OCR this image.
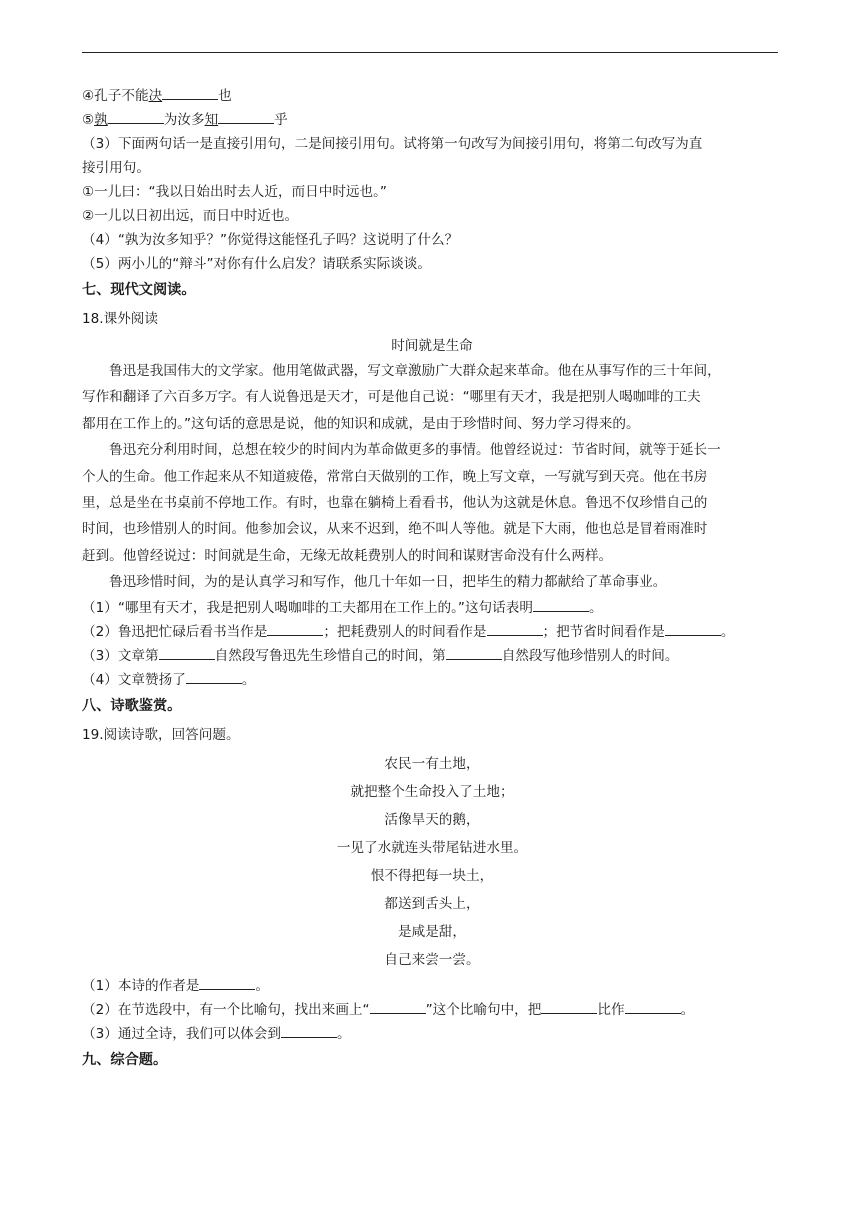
④孔子不能决	也
⑤孰	为汝多知	乎
（3）下面两句话一是直接引用句，二是间接引用句。试将第一句改写为间接引用句，将第二句改写为直
接引用句。
①一儿曰：“我以日始出时去人近，而日中时远也。”
②一儿以日初出远，而日中时近也。
（4）“孰为汝多知乎？”你觉得这能怪孔子吗？这说明了什么？
（5）两小儿的“辩斗”对你有什么启发？请联系实际谈谈。
七、现代文阅读。
18.课外阅读
时间就是生命
鲁迅是我国伟大的文学家。他用笔做武器，写文章激励广大群众起来革命。他在从事写作的三十年间，
写作和翻译了六百多万字。有人说鲁迅是天才，可是他自己说：“哪里有天才，我是把别人喝咖啡的工夫
都用在工作上的。”这句话的意思是说，他的知识和成就，是由于珍惜时间、努力学习得来的。
鲁迅充分利用时间，总想在较少的时间内为革命做更多的事情。他曾经说过：节省时间，就等于延长一
个人的生命。他工作起来从不知道疲倦，常常白天做别的工作，晚上写文章，一写就写到天亮。他在书房
里，总是坐在书桌前不停地工作。有时，也靠在躺椅上看看书，他认为这就是休息。鲁迅不仅珍惜自己的
时间，也珍惜别人的时间。他参加会议，从来不迟到，绝不叫人等他。就是下大雨，他也总是冒着雨准时
赶到。他曾经说过：时间就是生命，无缘无故耗费别人的时间和谋财害命没有什么两样。
鲁迅珍惜时间，为的是认真学习和写作，他几十年如一日，把毕生的精力都献给了革命事业。
（1）“哪里有天才，我是把别人喝咖啡的工夫都用在工作上的。”这句话表明	。
（2）鲁迅把忙碌后看书当作是	；把耗费别人的时间看作是	；把节省时间看作是	。
（3）文章第	自然段写鲁迅先生珍惜自己的时间，第	自然段写他珍惜别人的时间。
（4）文章赞扬了	。
八、诗歌鉴赏。
19.阅读诗歌，回答问题。
农民一有土地，
就把整个生命投入了土地；
活像旱天的鹅，
一见了水就连头带尾钻进水里。
恨不得把每一块土，
都送到舌头上，
是咸是甜，
自己来尝一尝。
（1）本诗的作者是	。
（2）在节选段中，有一个比喻句，找出来画上“	”这个比喻句中，把	比作	。
（3）通过全诗，我们可以体会到	。
九、综合题。
